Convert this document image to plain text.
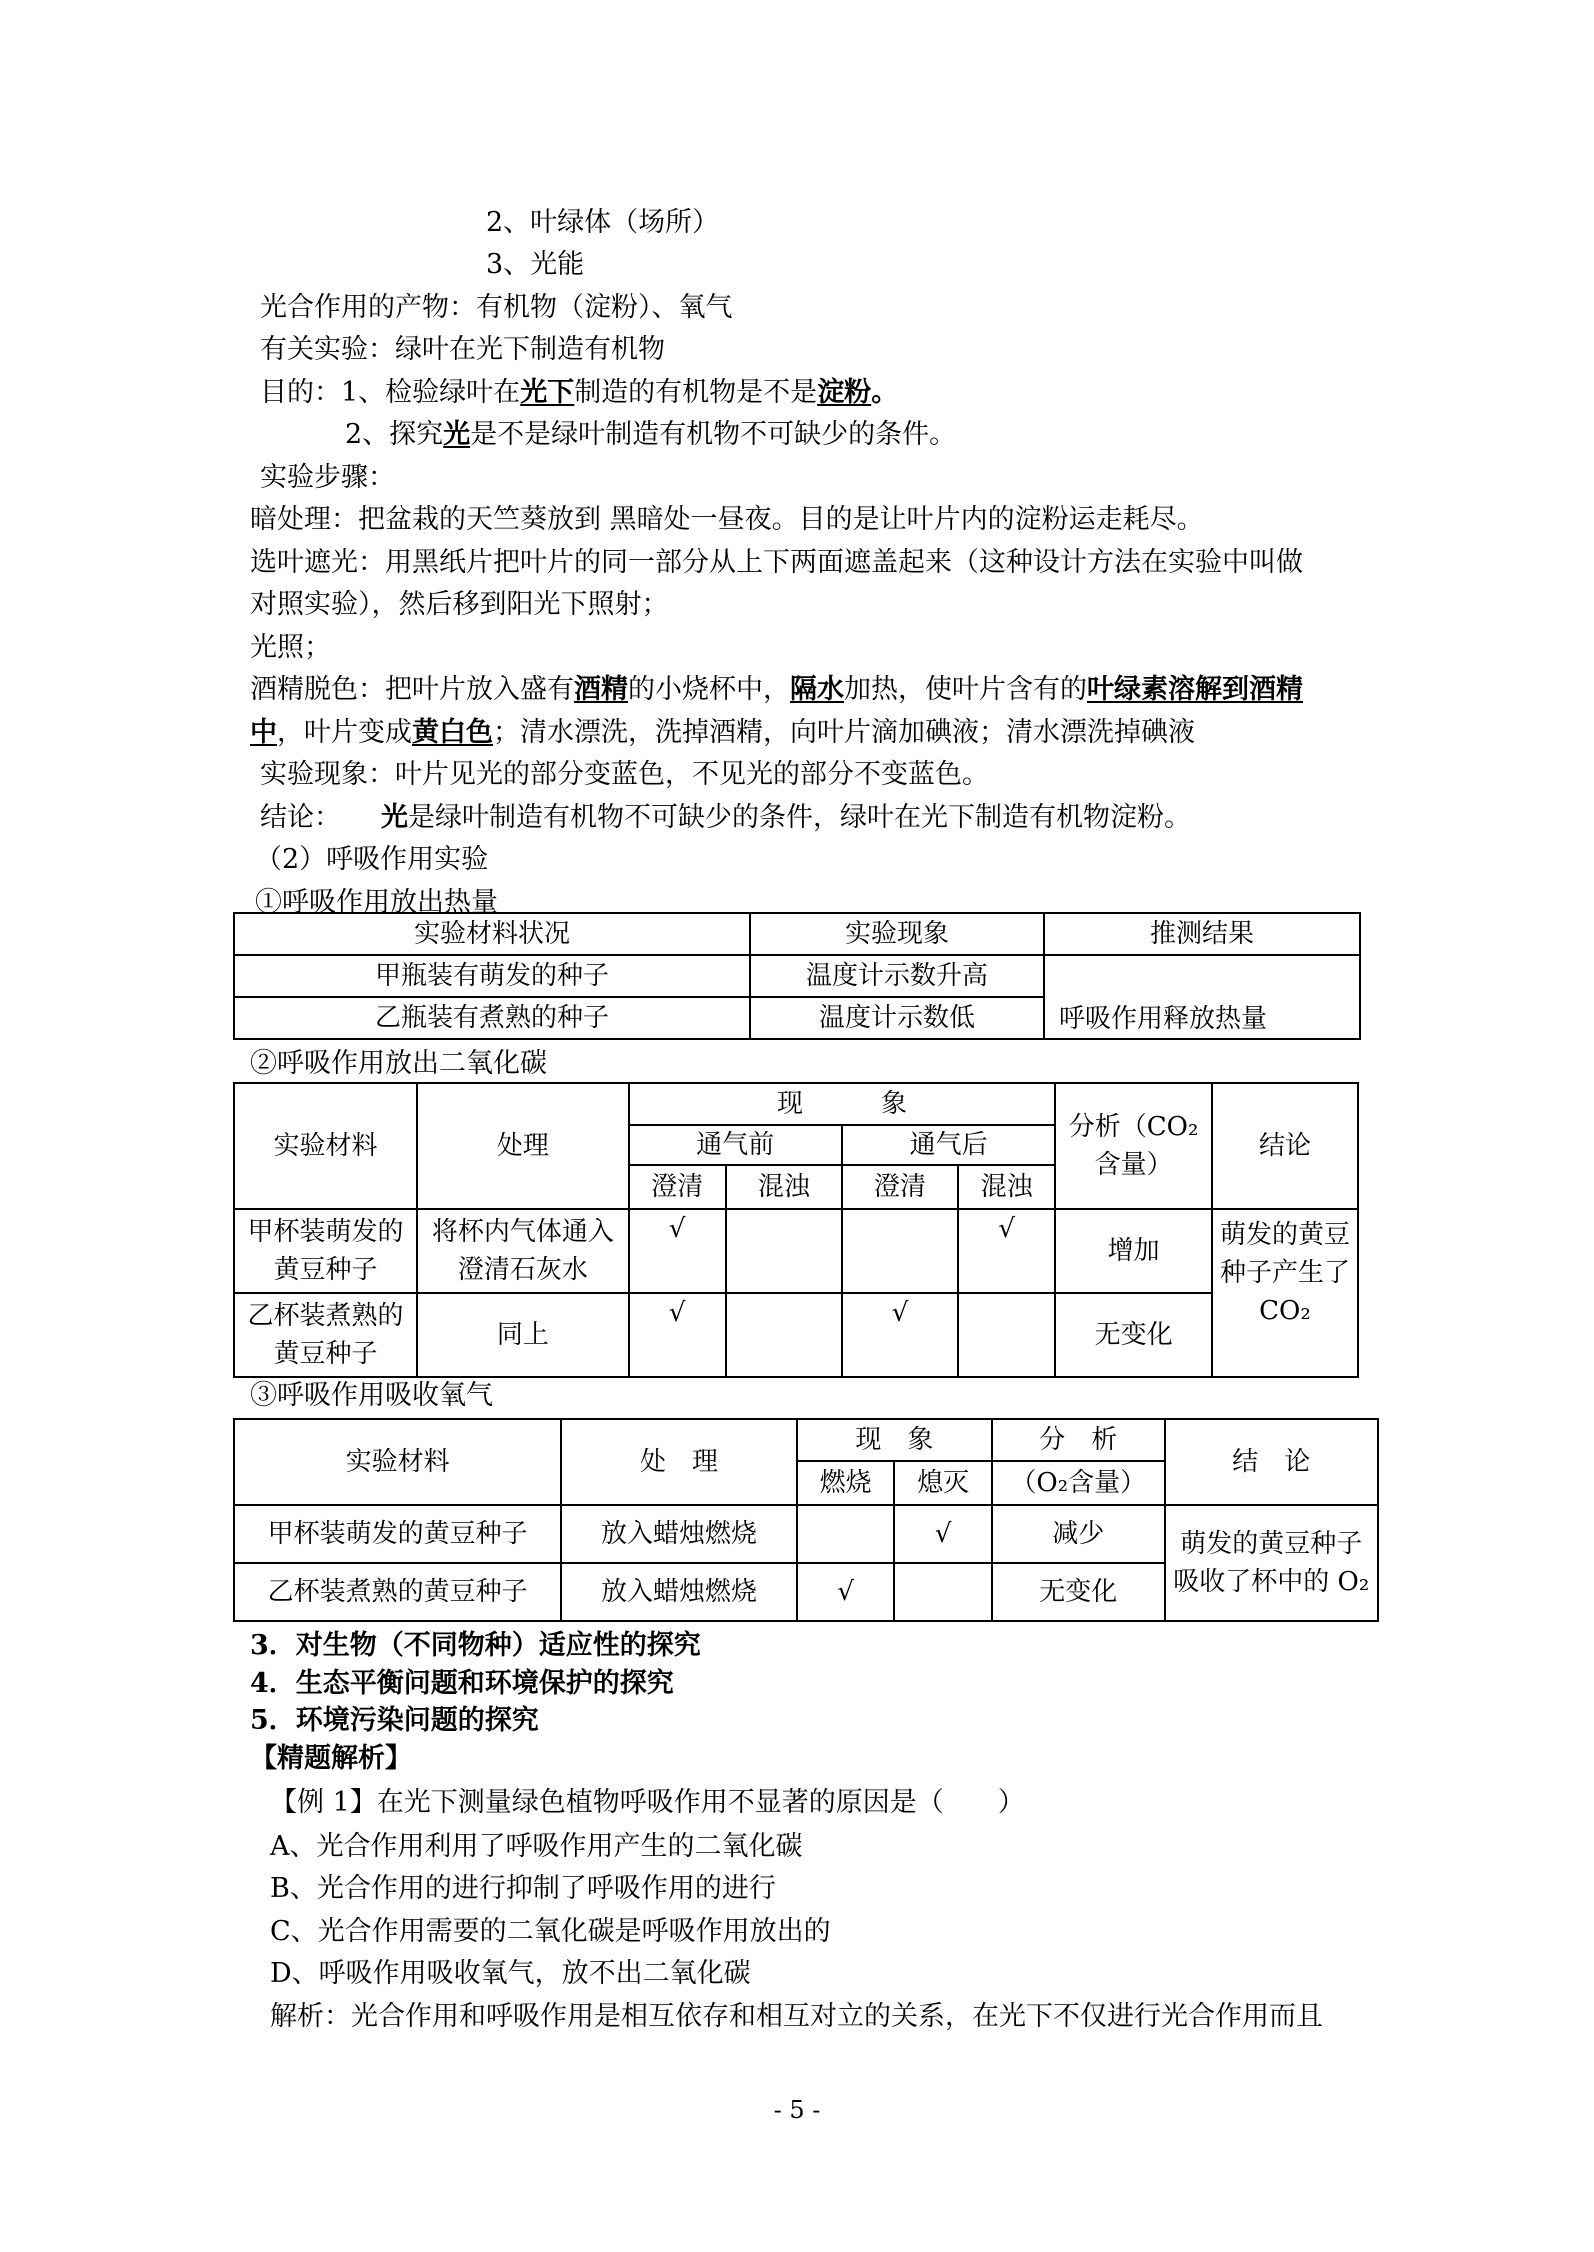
2、叶绿体（场所）
3、光能
光合作用的产物：有机物（淀粉）、氧气
有关实验：绿叶在光下制造有机物
目的：1、检验绿叶在光下制造的有机物是不是淀粉。
2、探究光是不是绿叶制造有机物不可缺少的条件。
实验步骤：
暗处理：把盆栽的天竺葵放到 黑暗处一昼夜。目的是让叶片内的淀粉运走耗尽。
选叶遮光：用黑纸片把叶片的同一部分从上下两面遮盖起来（这种设计方法在实验中叫做
对照实验），然后移到阳光下照射；
光照；
酒精脱色：把叶片放入盛有酒精的小烧杯中，隔水加热，使叶片含有的叶绿素溶解到酒精
中，叶片变成黄白色；清水漂洗，洗掉酒精，向叶片滴加碘液；清水漂洗掉碘液
实验现象：叶片见光的部分变蓝色，不见光的部分不变蓝色。
结论： 光是绿叶制造有机物不可缺少的条件，绿叶在光下制造有机物淀粉。
（2）呼吸作用实验
①呼吸作用放出热量
实验材料状况	实验现象	推测结果
甲瓶装有萌发的种子	温度计示数升高	呼吸作用释放热量
乙瓶装有煮熟的种子	温度计示数低	
②呼吸作用放出二氧化碳
实验材料	处理	现　　　象				分析（CO₂含量）	结论
		通气前		通气后			
		澄清	混浊	澄清	混浊		
甲杯装萌发的黄豆种子	将杯内气体通入澄清石灰水	√			√	增加	萌发的黄豆种子产生了 CO₂
乙杯装煮熟的黄豆种子	同上	√		√		无变化	
③呼吸作用吸收氧气
实验材料	处　理	现　象		分　析	结　论
		燃烧	熄灭	（O₂含量）	
甲杯装萌发的黄豆种子	放入蜡烛燃烧		√	减少	萌发的黄豆种子吸收了杯中的 O₂
乙杯装煮熟的黄豆种子	放入蜡烛燃烧	√		无变化	
3．对生物（不同物种）适应性的探究
4．生态平衡问题和环境保护的探究
5．环境污染问题的探究
【精题解析】
【例 1】在光下测量绿色植物呼吸作用不显著的原因是（　　）
A、光合作用利用了呼吸作用产生的二氧化碳
B、光合作用的进行抑制了呼吸作用的进行
C、光合作用需要的二氧化碳是呼吸作用放出的
D、呼吸作用吸收氧气，放不出二氧化碳
解析：光合作用和呼吸作用是相互依存和相互对立的关系，在光下不仅进行光合作用而且
- 5 -
